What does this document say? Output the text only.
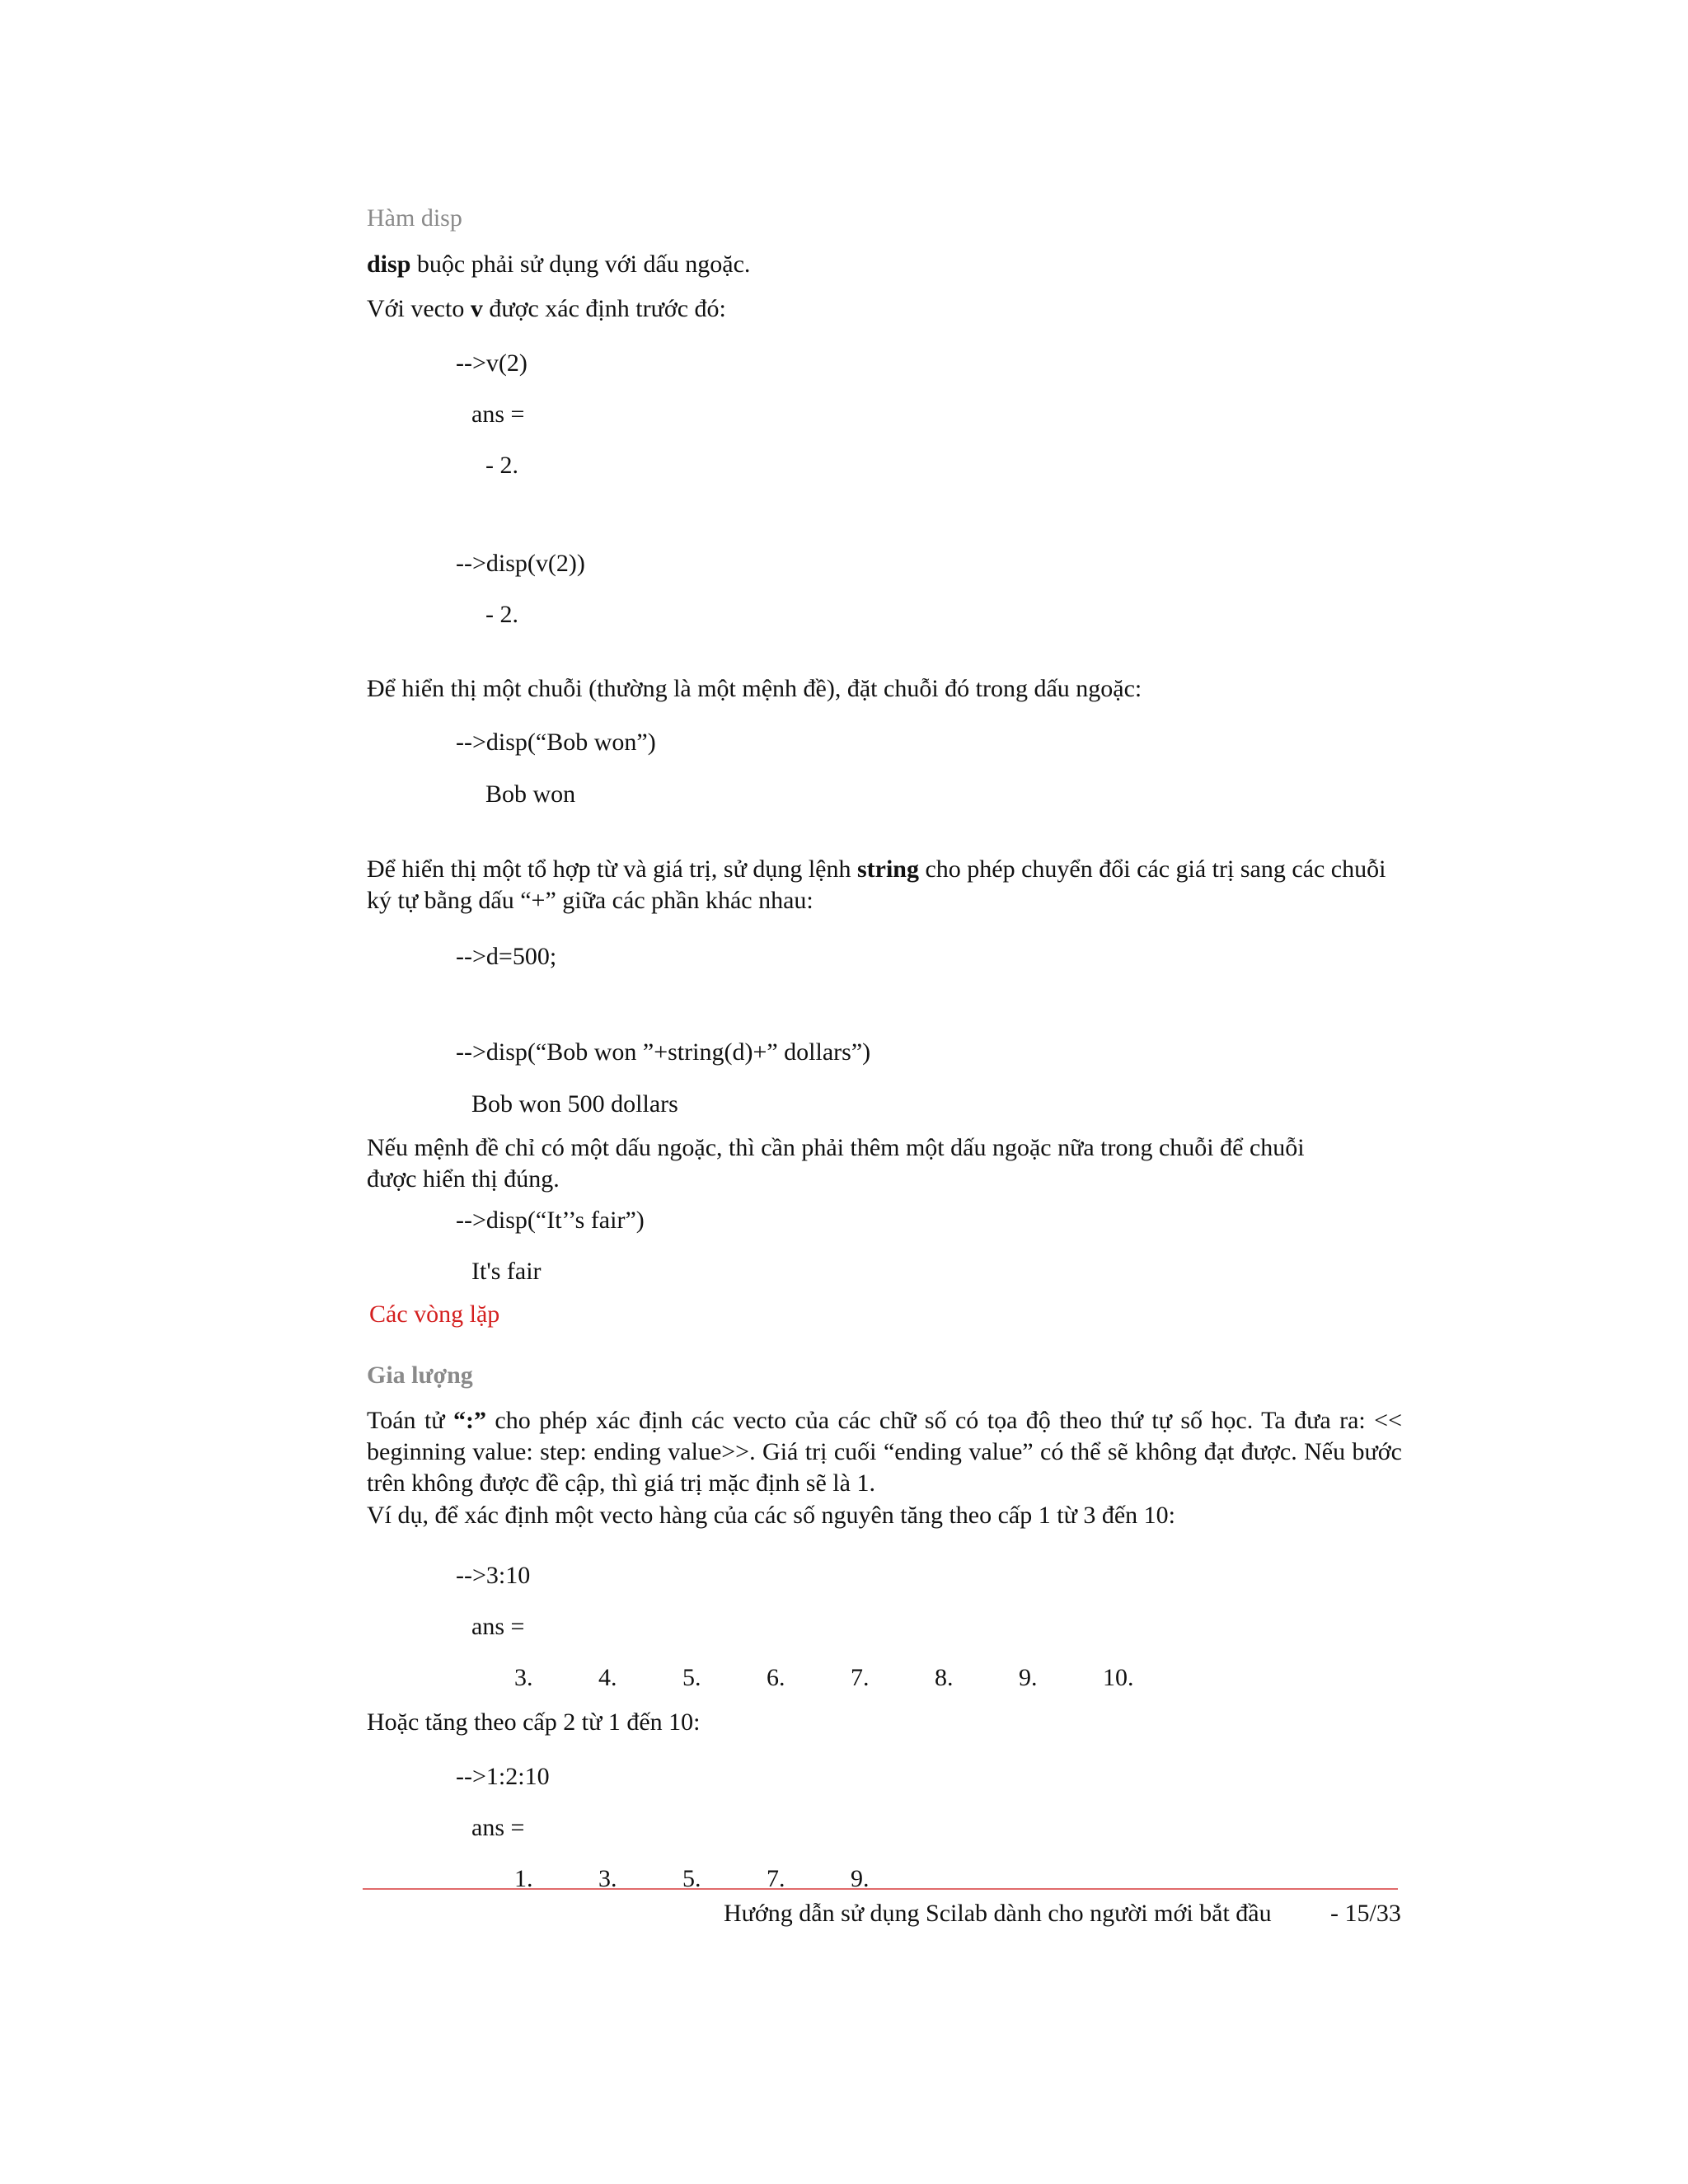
Hàm disp
disp buộc phải sử dụng với dấu ngoặc.
Với vecto v được xác định trước đó:
-->v(2)
ans =
- 2.
-->disp(v(2))
- 2.
Để hiển thị một chuỗi (thường là một mệnh đề), đặt chuỗi đó trong dấu ngoặc:
-->disp(“Bob won”)
Bob won
Để hiển thị một tổ hợp từ và giá trị, sử dụng lệnh string cho phép chuyển đổi các giá trị sang các chuỗi ký tự bằng dấu “+” giữa các phần khác nhau:
-->d=500;
-->disp(“Bob won ”+string(d)+” dollars”)
Bob won 500 dollars
Nếu mệnh đề chỉ có một dấu ngoặc, thì cần phải thêm một dấu ngoặc nữa trong chuỗi để chuỗi được hiển thị đúng.
-->disp(“It’’s fair”)
It's fair
Các vòng lặp
Gia lượng
Toán tử “:” cho phép xác định các vecto của các chữ số có tọa độ theo thứ tự số học. Ta đưa ra: << beginning value: step: ending value>>. Giá trị cuối “ending value” có thể sẽ không đạt được. Nếu bước trên không được đề cập, thì giá trị mặc định sẽ là 1.
Ví dụ, để xác định một vecto hàng của các số nguyên tăng theo cấp 1 từ 3 đến 10:
-->3:10
ans =
3.	4.	5.	6.	7.	8.	9.	10.
Hoặc tăng theo cấp 2 từ 1 đến 10:
-->1:2:10
ans =
1.	3.	5.	7.	9.
Hướng dẫn sử dụng Scilab dành cho người mới bắt đầu - 15/33
